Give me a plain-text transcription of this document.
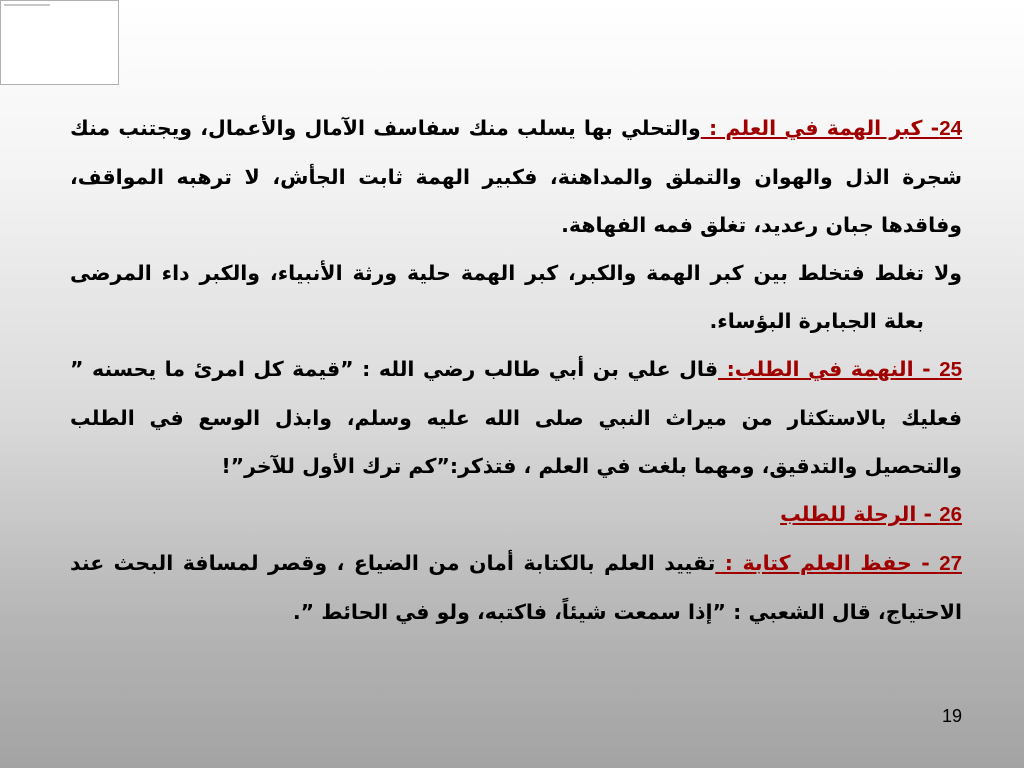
24- كبر الهمة في العلم : والتحلي بها يسلب منك سفاسف الآمال والأعمال، ويجتنب منك شجرة الذل والهوان والتملق والمداهنة، فكبير الهمة ثابت الجأش، لا ترهبه المواقف، وفاقدها جبان رعديد، تغلق فمه الفهاهة.

ولا تغلط فتخلط بين كبر الهمة والكبر، كبر الهمة حلية ورثة الأنبياء، والكبر داء المرضى بعلة الجبابرة البؤساء.

25 - النهمة في الطلب: قال علي بن أبي طالب رضي الله : ”قيمة كل امرئ ما يحسنه ” فعليك بالاستكثار من ميراث النبي صلى الله عليه وسلم، وابذل الوسع في الطلب والتحصيل والتدقيق، ومهما بلغت في العلم ، فتذكر:”كم ترك الأول للآخر”!

26 - الرحلة للطلب

27 - حفظ العلم كتابة : تقييد العلم بالكتابة أمان من الضياع ، وقصر لمسافة البحث عند الاحتياج، قال الشعبي : ”إذا سمعت شيئاً، فاكتبه، ولو في الحائط ”.

19
